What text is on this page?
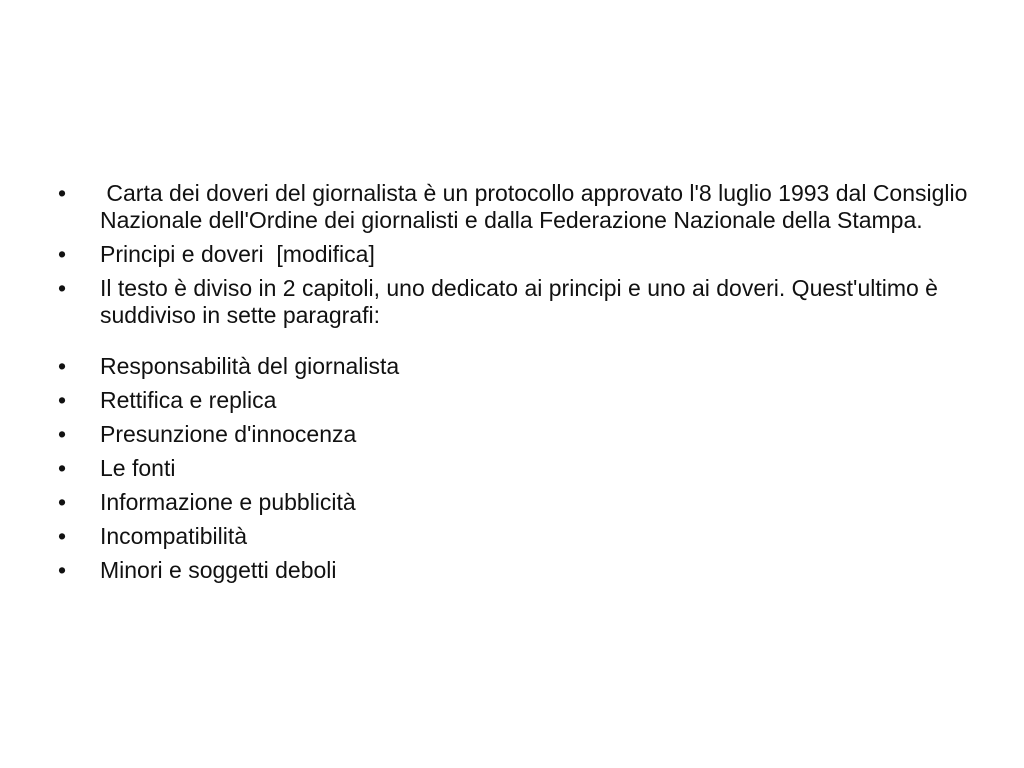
•	Carta dei doveri del giornalista è un protocollo approvato l'8 luglio 1993 dal Consiglio Nazionale dell'Ordine dei giornalisti e dalla Federazione Nazionale della Stampa.
•	Principi e doveri  [modifica]
•	Il testo è diviso in 2 capitoli, uno dedicato ai principi e uno ai doveri. Quest'ultimo è suddiviso in sette paragrafi:
•	Responsabilità del giornalista
•	Rettifica e replica
•	Presunzione d'innocenza
•	Le fonti
•	Informazione e pubblicità
•	Incompatibilità
•	Minori e soggetti deboli
